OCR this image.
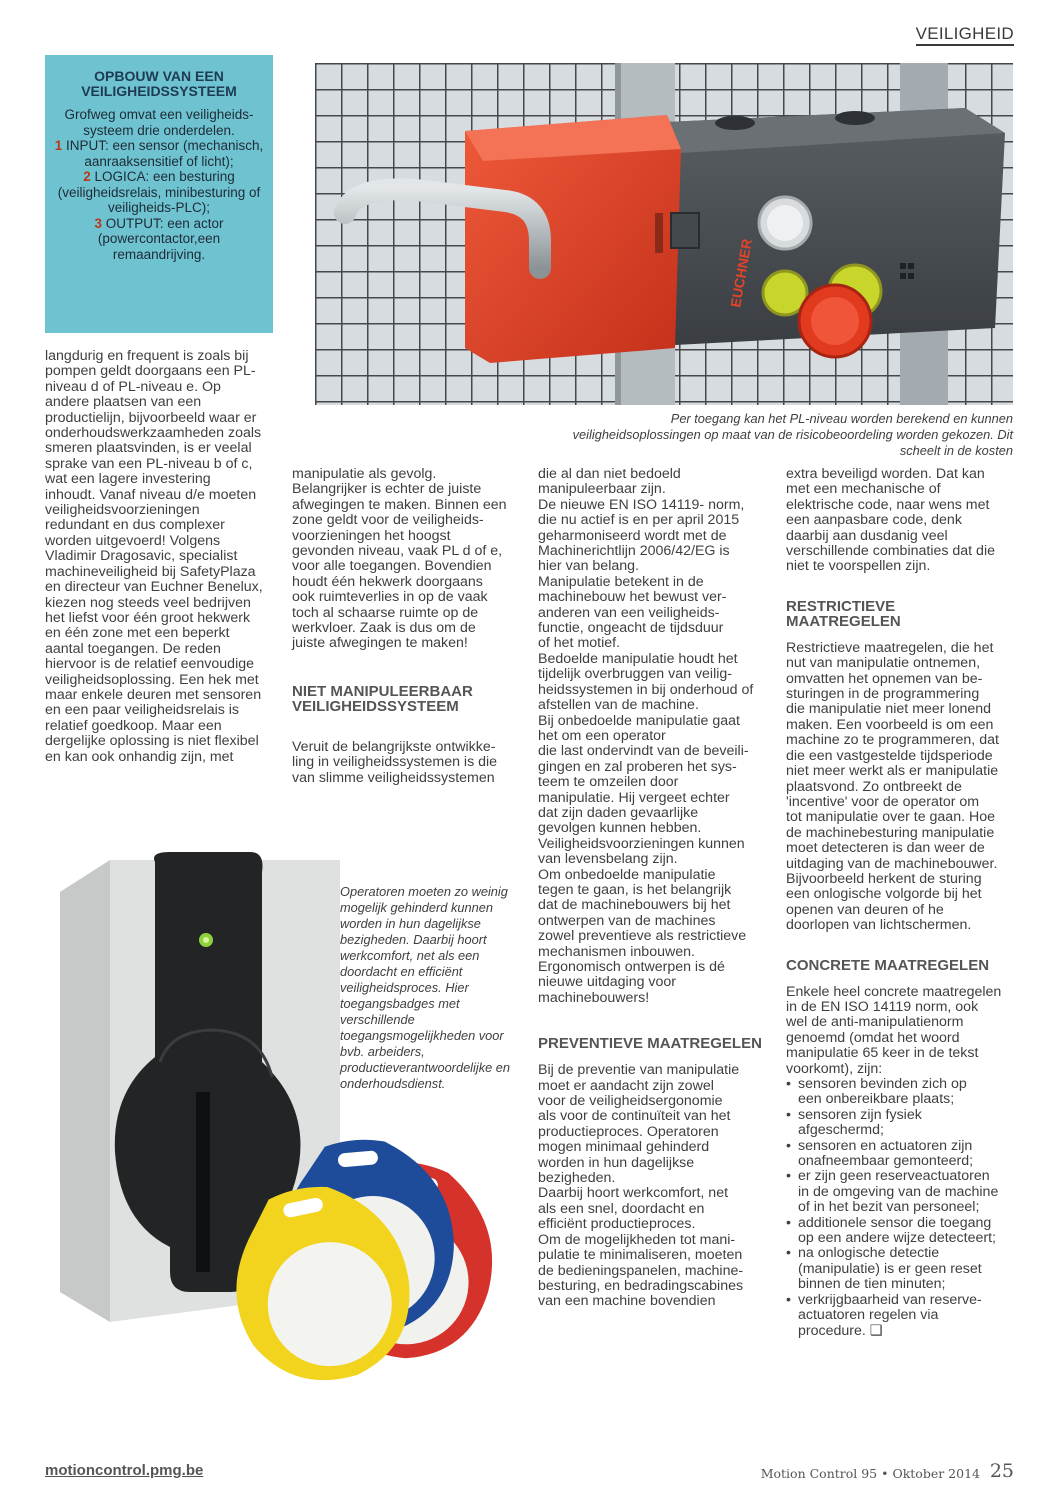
VEILIGHEID
OPBOUW VAN EEN VEILIGHEIDSSYSTEEM

Grofweg omvat een veiligheids-systeem drie onderdelen.

1 INPUT: een sensor (mechanisch, aanraaksensitief of licht);
2 LOGICA: een besturing (veiligheidsrelais, minibesturing of veiligheids-PLC);
3 OUTPUT: een actor (powercontactor,een remaandrijving.	EUCHNER
Per toegang kan het PL-niveau worden berekend en kunnen veiligheidsoplossingen op maat van de risicobeoordeling worden gekozen. Dit scheelt in de kosten

langdurig en frequent is zoals bij
pompen geldt doorgaans een PL-
niveau d of PL-niveau e. Op
andere plaatsen van een
productielijn, bijvoorbeeld waar er
onderhoudswerkzaamheden zoals
smeren plaatsvinden, is er veelal
sprake van een PL-niveau b of c,
wat een lagere investering
inhoudt. Vanaf niveau d/e moeten
veiligheidsvoorzieningen
redundant en dus complexer
worden uitgevoerd! Volgens
Vladimir Dragosavic, specialist
machineveiligheid bij SafetyPlaza
en directeur van Euchner Benelux,
kiezen nog steeds veel bedrijven
het liefst voor één groot hekwerk
en één zone met een beperkt
aantal toegangen. De reden
hiervoor is de relatief eenvoudige
veiligheidsoplossing. Een hek met
maar enkele deuren met sensoren
en een paar veiligheidsrelais is
relatief goedkoop. Maar een
dergelijke oplossing is niet flexibel
en kan ook onhandig zijn, met

manipulatie als gevolg.
Belangrijker is echter de juiste
afwegingen te maken. Binnen een
zone geldt voor de veiligheids-
voorzieningen het hoogst
gevonden niveau, vaak PL d of e,
voor alle toegangen. Bovendien
houdt één hekwerk doorgaans
ook ruimteverlies in op de vaak
toch al schaarse ruimte op de
werkvloer. Zaak is dus om de
juiste afwegingen te maken!

NIET MANIPULEERBAAR VEILIGHEIDSSYSTEEM

Veruit de belangrijkste ontwikke-
ling in veiligheidssystemen is die
van slimme veiligheidssystemen

die al dan niet bedoeld
manipuleerbaar zijn.
De nieuwe EN ISO 14119- norm,
die nu actief is en per april 2015
geharmoniseerd wordt met de
Machinerichtlijn 2006/42/EG is
hier van belang.
Manipulatie betekent in de
machinebouw het bewust ver-
anderen van een veiligheids-
functie, ongeacht de tijdsduur
of het motief.
Bedoelde manipulatie houdt het
tijdelijk overbruggen van veilig-
heidssystemen in bij onderhoud of
afstellen van de machine.
Bij onbedoelde manipulatie gaat
het om een operator
die last ondervindt van de beveili-
gingen en zal proberen het sys-
teem te omzeilen door
manipulatie. Hij vergeet echter
dat zijn daden gevaarlijke
gevolgen kunnen hebben.
Veiligheidsvoorzieningen kunnen
van levensbelang zijn.
Om onbedoelde manipulatie
tegen te gaan, is het belangrijk
dat de machinebouwers bij het
ontwerpen van de machines
zowel preventieve als restrictieve
mechanismen inbouwen.
Ergonomisch ontwerpen is dé
nieuwe uitdaging voor
machinebouwers!

PREVENTIEVE MAATREGELEN

Bij de preventie van manipulatie
moet er aandacht zijn zowel
voor de veiligheidsergonomie
als voor de continuïteit van het
productieproces. Operatoren
mogen minimaal gehinderd
worden in hun dagelijkse
bezigheden.
Daarbij hoort werkcomfort, net
als een snel, doordacht en
efficiënt productieproces.
Om de mogelijkheden tot mani-
pulatie te minimaliseren, moeten
de bedieningspanelen, machine-
besturing, en bedradingscabines
van een machine bovendien

extra beveiligd worden. Dat kan
met een mechanische of
elektrische code, naar wens met
een aanpasbare code, denk
daarbij aan dusdanig veel
verschillende combinaties dat die
niet te voorspellen zijn.

RESTRICTIEVE MAATREGELEN

Restrictieve maatregelen, die het
nut van manipulatie ontnemen,
omvatten het opnemen van be-
sturingen in de programmering
die manipulatie niet meer lonend
maken. Een voorbeeld is om een
machine zo te programmeren, dat
die een vastgestelde tijdsperiode
niet meer werkt als er manipulatie
plaatsvond. Zo ontbreekt de
'incentive' voor de operator om
tot manipulatie over te gaan. Hoe
de machinebesturing manipulatie
moet detecteren is dan weer de
uitdaging van de machinebouwer.
Bijvoorbeeld herkent de sturing
een onlogische volgorde bij het
openen van deuren of he
doorlopen van lichtschermen.

CONCRETE MAATREGELEN

Enkele heel concrete maatregelen
in de EN ISO 14119 norm, ook
wel de anti-manipulatienorm
genoemd (omdat het woord
manipulatie 65 keer in de tekst
voorkomt), zijn:

• sensoren bevinden zich op
een onbereikbare plaats;
• sensoren zijn fysiek
afgeschermd;
• sensoren en actuatoren zijn
onafneembaar gemonteerd;
• er zijn geen reserveactuatoren
in de omgeving van de machine
of in het bezit van personeel;
• additionele sensor die toegang
op een andere wijze detecteert;
• na onlogische detectie
(manipulatie) is er geen reset
binnen de tien minuten;
• verkrijgbaarheid van reserve-
actuatoren regelen via
procedure. ❑
Operatoren moeten zo weinig mogelijk gehinderd kunnen worden in hun dagelijkse bezigheden. Daarbij hoort werkcomfort, net als een doordacht en efficiënt veiligheidsproces. Hier toegangsbadges met verschillende toegangsmogelijkheden voor bvb. arbeiders, productieverantwoordelijke en onderhoudsdienst.
motioncontrol.pmg.be	Motion Control 95 • Oktober 2014 25
